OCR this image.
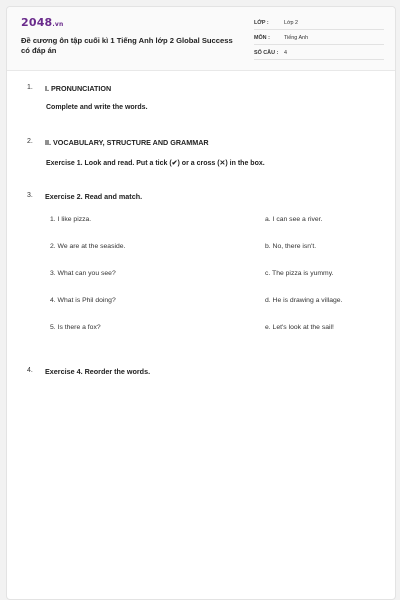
2048.vn
Đề cương ôn tập cuối kì 1 Tiếng Anh lớp 2 Global Success có đáp án
LỚP :	Lớp 2
MÔN :	Tiếng Anh
SỐ CÂU : 4
1. I. PRONUNCIATION
Complete and write the words.
2. II. VOCABULARY, STRUCTURE AND GRAMMAR
Exercise 1. Look and read. Put a tick (✔) or a cross (✕) in the box.
3. Exercise 2. Read and match.
1. I like pizza.
2. We are at the seaside.
3. What can you see?
4. What is Phil doing?
5. Is there a fox?
a. I can see a river.
b. No, there isn't.
c. The pizza is yummy.
d. He is drawing a village.
e. Let's look at the sail!
4. Exercise 4. Reorder the words.
